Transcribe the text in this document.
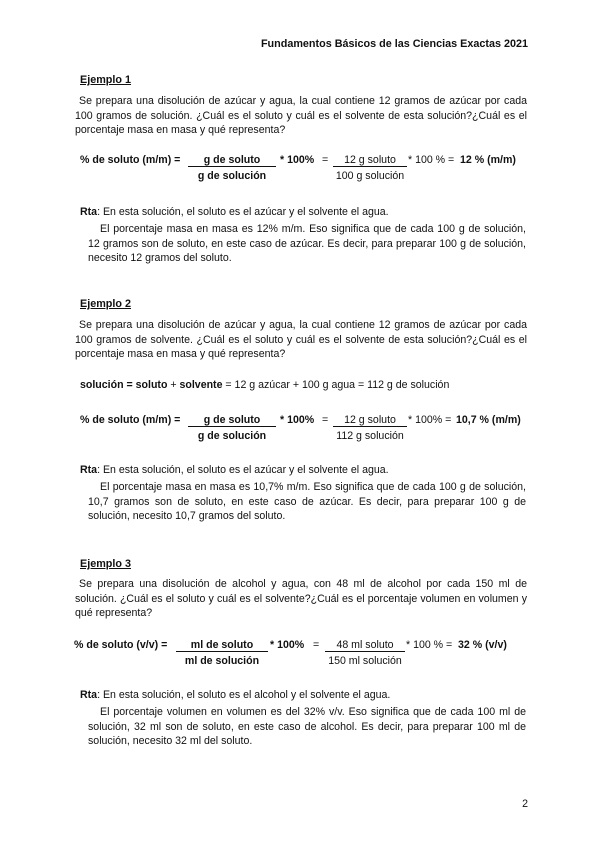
Fundamentos Básicos de las Ciencias Exactas 2021
Ejemplo 1
Se prepara una disolución de azúcar y agua, la cual contiene 12 gramos de azúcar por cada 100 gramos de solución. ¿Cuál es el soluto y cuál es el solvente de esta solución?¿Cuál es el porcentaje masa en masa y qué representa?
% de soluto (m/m) =	g de soluto	* 100% =	12 g soluto	* 100 % = 12 % (m/m)
g de solución	100 g solución
Rta: En esta solución, el soluto es el azúcar y el solvente el agua.
El porcentaje masa en masa es 12% m/m. Eso significa que de cada 100 g de solución, 12 gramos son de soluto, en este caso de azúcar. Es decir, para preparar 100 g de solución, necesito 12 gramos del soluto.
Ejemplo 2
Se prepara una disolución de azúcar y agua, la cual contiene 12 gramos de azúcar por cada 100 gramos de solvente. ¿Cuál es el soluto y cuál es el solvente de esta solución?¿Cuál es el porcentaje masa en masa y qué representa?
solución = soluto + solvente = 12 g azúcar + 100 g agua = 112 g de solución
% de soluto (m/m) =	g de soluto	* 100% =	12 g soluto	* 100% = 10,7 % (m/m)
g de solución	112 g solución
Rta: En esta solución, el soluto es el azúcar y el solvente el agua.
El porcentaje masa en masa es 10,7% m/m. Eso significa que de cada 100 g de solución, 10,7 gramos son de soluto, en este caso de azúcar. Es decir, para preparar 100 g de solución, necesito 10,7 gramos del soluto.
Ejemplo 3
Se prepara una disolución de alcohol y agua, con 48 ml de alcohol por cada 150 ml de solución. ¿Cuál es el soluto y cuál es el solvente?¿Cuál es el porcentaje volumen en volumen y qué representa?
% de soluto (v/v) =	ml de soluto	* 100% =	48 ml soluto	* 100 % = 32 % (v/v)
ml de solución	150 ml solución
Rta: En esta solución, el soluto es el alcohol y el solvente el agua.
El porcentaje volumen en volumen es del 32% v/v. Eso significa que de cada 100 ml de solución, 32 ml son de soluto, en este caso de alcohol. Es decir, para preparar 100 ml de solución, necesito 32 ml del soluto.
2
